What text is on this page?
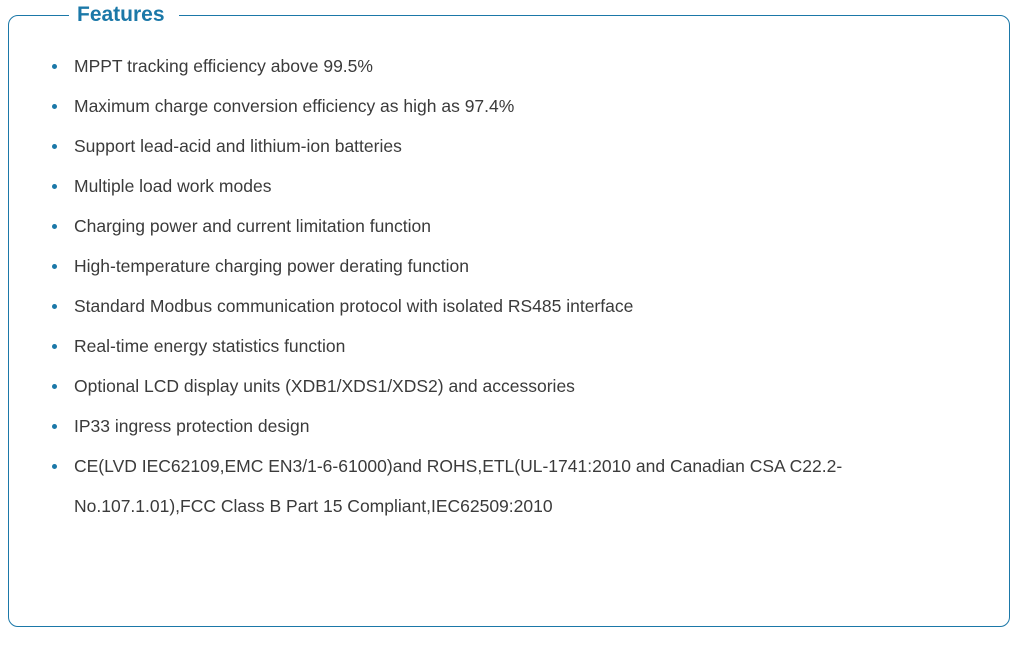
Features
MPPT tracking efficiency above 99.5%
Maximum charge conversion efficiency as high as 97.4%
Support lead-acid and lithium-ion batteries
Multiple load work modes
Charging power and current limitation function
High-temperature charging power derating function
Standard Modbus communication protocol with isolated RS485 interface
Real-time energy statistics function
Optional LCD display units (XDB1/XDS1/XDS2) and accessories
IP33 ingress protection design
CE(LVD IEC62109,EMC EN3/1-6-61000)and ROHS,ETL(UL-1741:2010 and Canadian CSA C22.2-No.107.1.01),FCC Class B Part 15 Compliant,IEC62509:2010
